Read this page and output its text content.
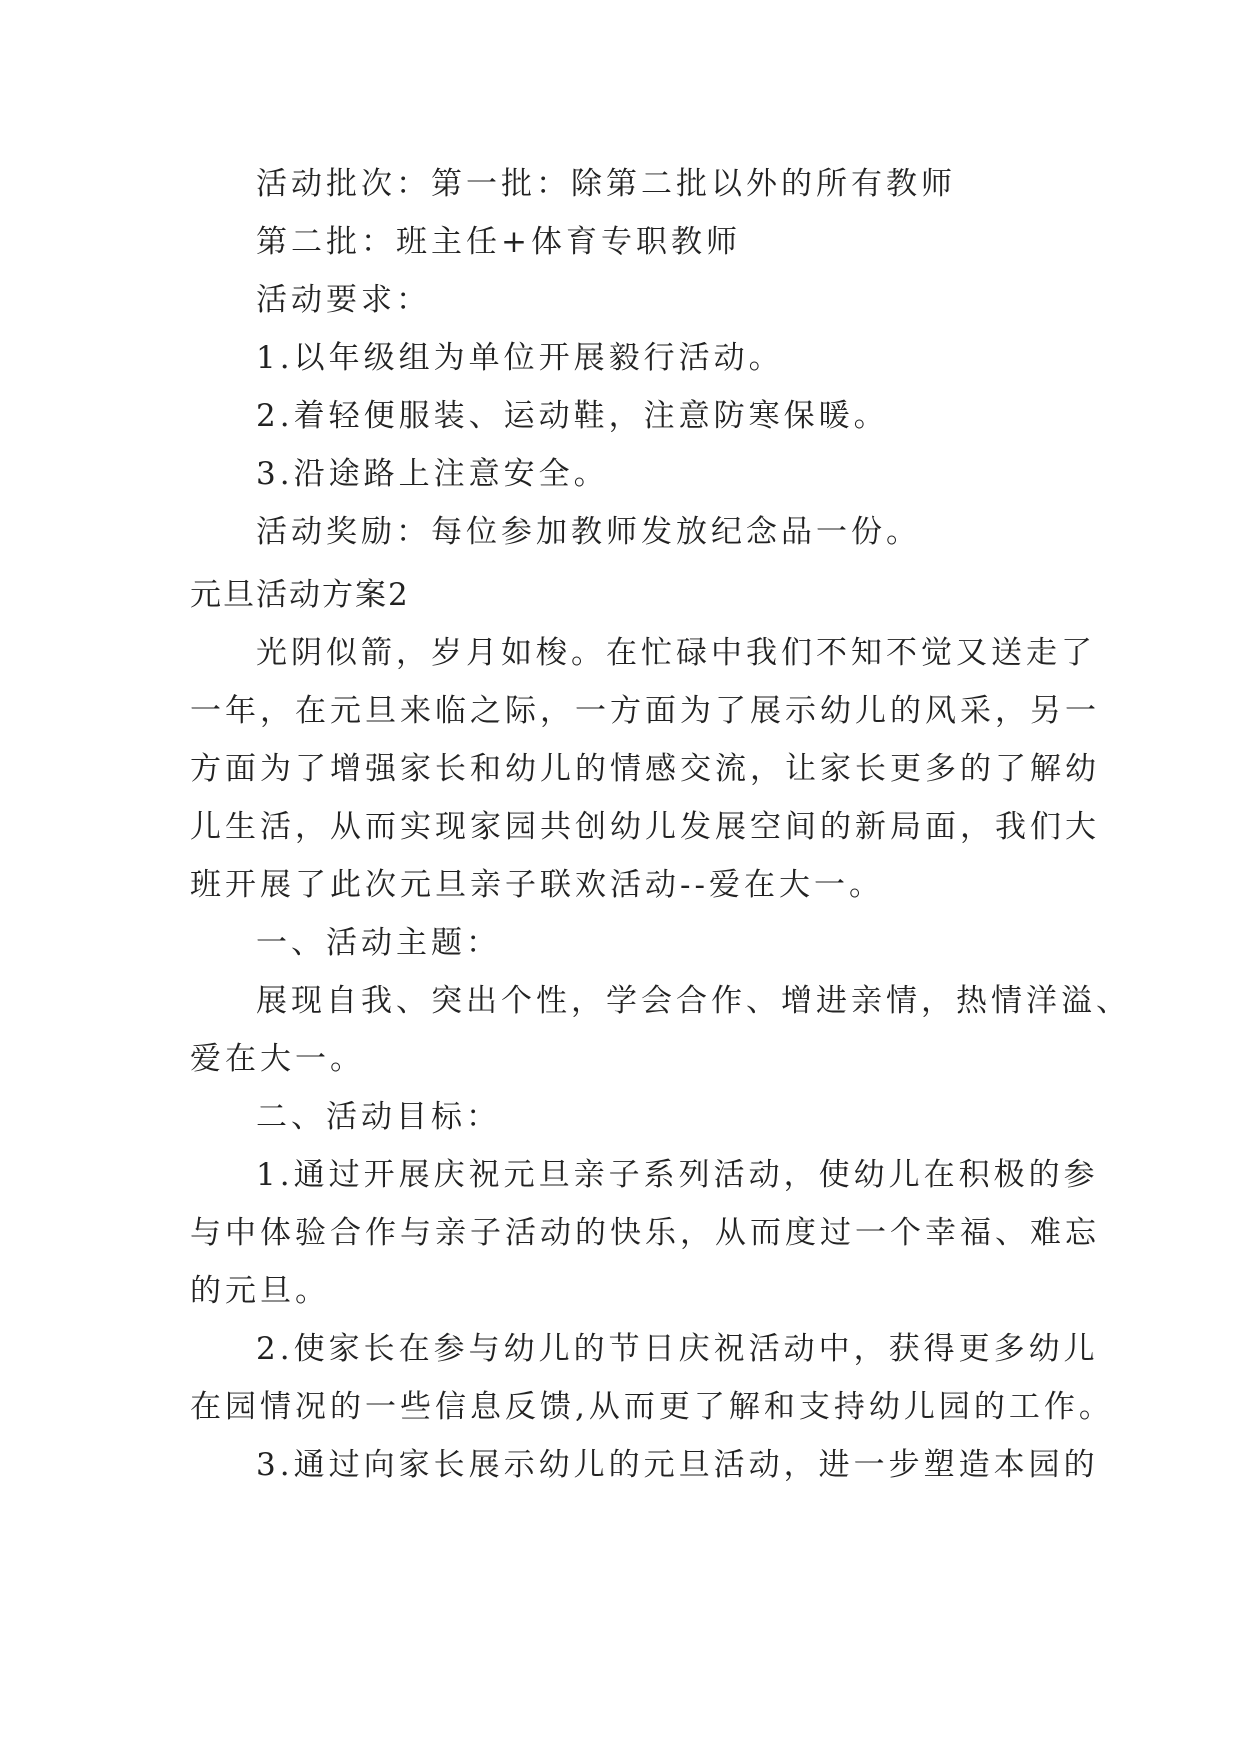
活动批次：第一批：除第二批以外的所有教师

第二批：班主任+体育专职教师

活动要求：

1.以年级组为单位开展毅行活动。

2.着轻便服装、运动鞋，注意防寒保暖。

3.沿途路上注意安全。

活动奖励：每位参加教师发放纪念品一份。

元旦活动方案2

光阴似箭，岁月如梭。在忙碌中我们不知不觉又送走了

一年，在元旦来临之际，一方面为了展示幼儿的风采，另一

方面为了增强家长和幼儿的情感交流，让家长更多的了解幼

儿生活，从而实现家园共创幼儿发展空间的新局面，我们大

班开展了此次元旦亲子联欢活动--爱在大一。

一、活动主题：

展现自我、突出个性，学会合作、增进亲情，热情洋溢、

爱在大一。

二、活动目标：

1.通过开展庆祝元旦亲子系列活动，使幼儿在积极的参

与中体验合作与亲子活动的快乐，从而度过一个幸福、难忘

的元旦。

2.使家长在参与幼儿的节日庆祝活动中，获得更多幼儿

在园情况的一些信息反馈,从而更了解和支持幼儿园的工作。

3.通过向家长展示幼儿的元旦活动，进一步塑造本园的
